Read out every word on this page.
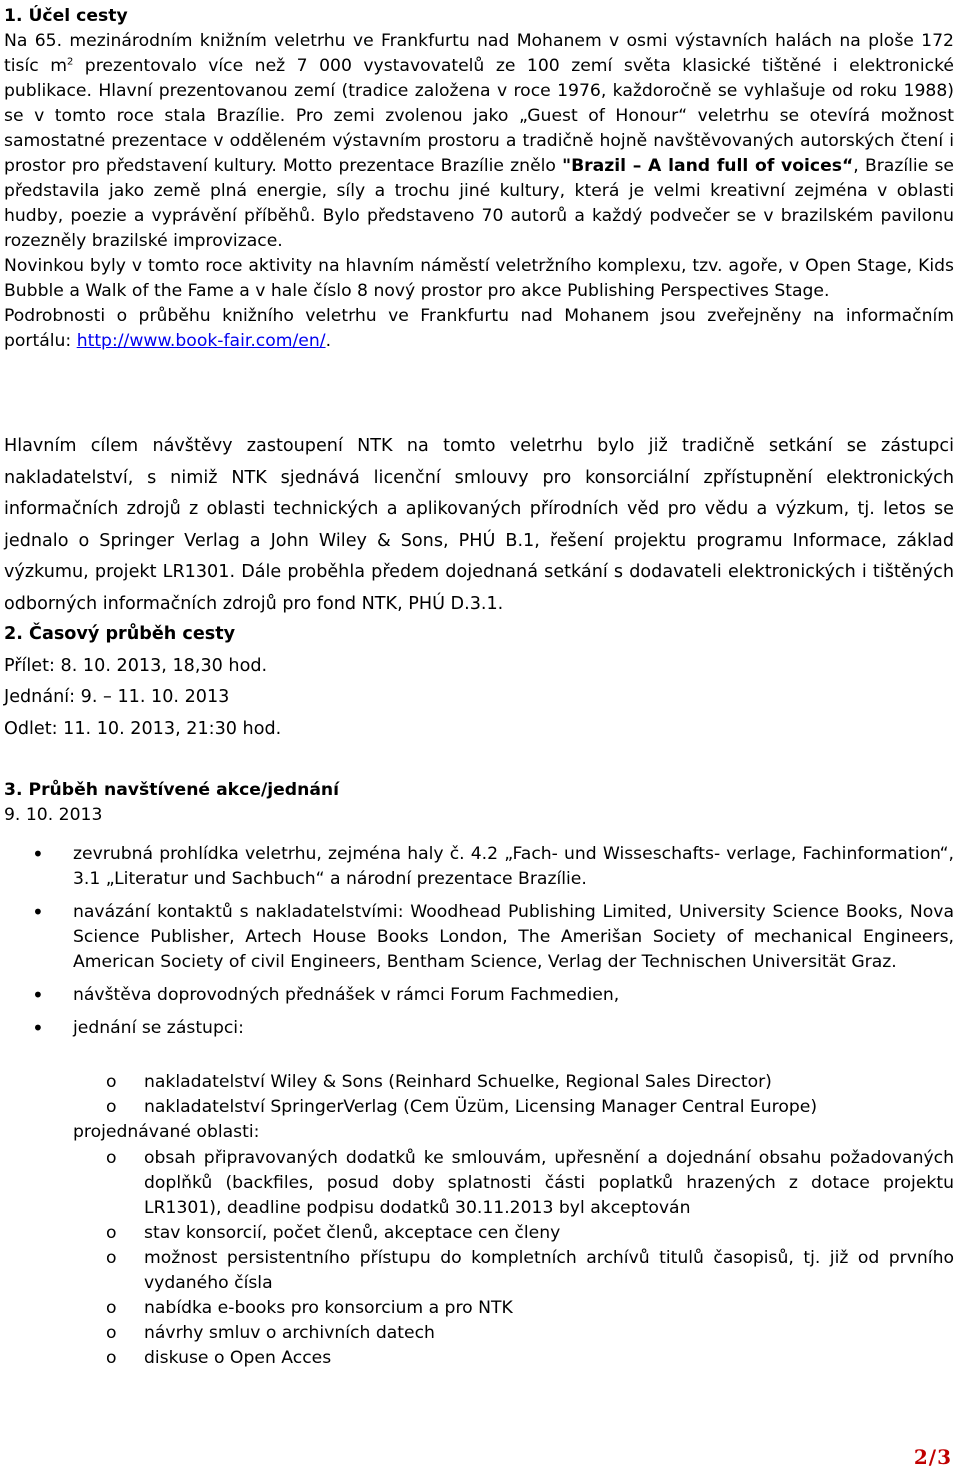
1. Účel cesty

Na 65. mezinárodním knižním veletrhu ve Frankfurtu nad Mohanem v osmi výstavních halách na ploše 172 tisíc $m^2$ prezentovalo více než 7 000 vystavovatelů ze 100 zemí světa klasické tištěné i elektronické publikace. Hlavní prezentovanou zemí (tradice založena v roce 1976, každoročně se vyhlašuje od roku 1988) se v tomto roce stala Brazílie. Pro zemi zvolenou jako „Guest of Honour“ veletrhu se otevírá možnost samostatné prezentace v odděleném výstavním prostoru a tradičně hojně navštěvovaných autorských čtení i prostor pro představení kultury. Motto prezentace Brazílie znělo "Brazil – A land full of voices“, Brazílie se představila jako země plná energie, síly a trochu jiné kultury, která je velmi kreativní zejména v oblasti hudby, poezie a vyprávění příběhů. Bylo představeno 70 autorů a každý podvečer se v brazilském pavilonu rozezněly brazilské improvizace.

Novinkou byly v tomto roce aktivity na hlavním náměstí veletržního komplexu, tzv. agoře, v Open Stage, Kids Bubble a Walk of the Fame a v hale číslo 8 nový prostor pro akce Publishing Perspectives Stage.

Podrobnosti o průběhu knižního veletrhu ve Frankfurtu nad Mohanem jsou zveřejněny na informačním portálu: http://www.book-fair.com/en/.

Hlavním cílem návštěvy zastoupení NTK na tomto veletrhu bylo již tradičně setkání se zástupci nakladatelství, s nimiž NTK sjednává licenční smlouvy pro konsorciální zpřístupnění elektronických informačních zdrojů z oblasti technických a aplikovaných přírodních věd pro vědu a výzkum, tj. letos se jednalo o Springer Verlag a John Wiley & Sons, PHÚ B.1, řešení projektu programu Informace, základ výzkumu, projekt LR1301. Dále proběhla předem dojednaná setkání s dodavateli elektronických i tištěných odborných informačních zdrojů pro fond NTK, PHÚ D.3.1.

2. Časový průběh cesty
Přílet: 8. 10. 2013, 18,30 hod.
Jednání: 9. – 11. 10. 2013
Odlet: 11. 10. 2013, 21:30 hod.
3. Průběh navštívené akce/jednání
9. 10. 2013

• zevrubná prohlídka veletrhu, zejména haly č. 4.2 „Fach- und Wisseschafts- verlage, Fachinformation“, 3.1 „Literatur und Sachbuch“ a národní prezentace Brazílie.

• navázání kontaktů s nakladatelstvími: Woodhead Publishing Limited, University Science Books, Nova Science Publisher, Artech House Books London, The Amerišan Society of mechanical Engineers, American Society of civil Engineers, Bentham Science, Verlag der Technischen Universität Graz.

• návštěva doprovodných přednášek v rámci Forum Fachmedien,

• jednání se zástupci:

o nakladatelství Wiley & Sons (Reinhard Schuelke, Regional Sales Director)
o nakladatelství SpringerVerlag (Cem Üzüm, Licensing Manager Central Europe)
projednávané oblasti:

o obsah připravovaných dodatků ke smlouvám, upřesnění a dojednání obsahu požadovaných doplňků (backfiles, posud doby splatnosti části poplatků hrazených z dotace projektu LR1301), deadline podpisu dodatků 30.11.2013 byl akceptován

o stav konsorcií, počet členů, akceptace cen členy

o možnost persistentního přístupu do kompletních archívů titulů časopisů, tj. již od prvního vydaného čísla

o nabídka e-books pro konsorcium a pro NTK
o návrhy smluv o archivních datech
o diskuse o Open Acces
2/3
